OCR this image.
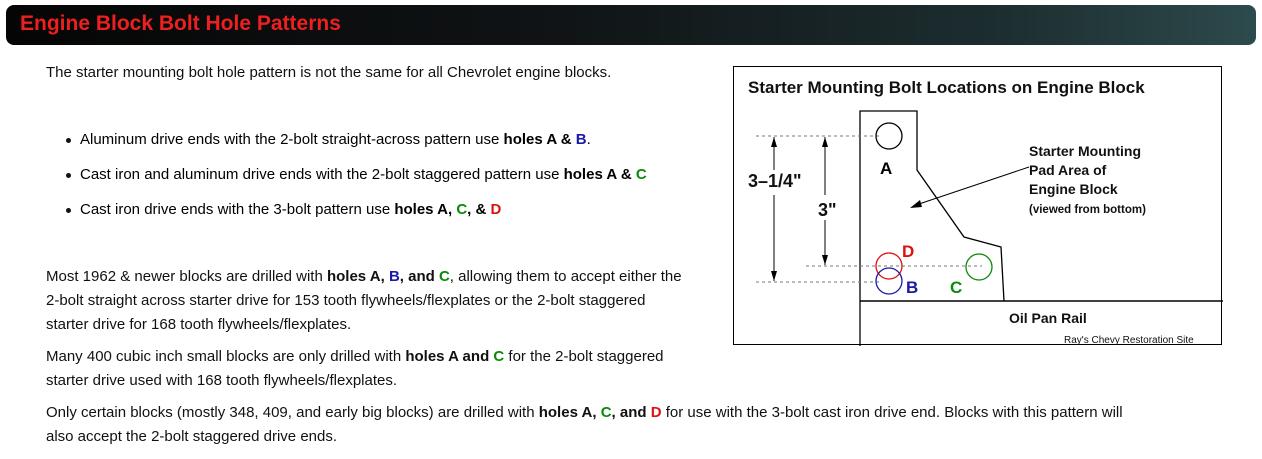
Engine Block Bolt Hole Patterns
The starter mounting bolt hole pattern is not the same for all Chevrolet engine blocks.
Aluminum drive ends with the 2-bolt straight-across pattern use holes A & B.
Cast iron and aluminum drive ends with the 2-bolt staggered pattern use holes A & C
Cast iron drive ends with the 3-bolt pattern use holes A, C, & D
Most 1962 & newer blocks are drilled with holes A, B, and C, allowing them to accept either the
2-bolt straight across starter drive for 153 tooth flywheels/flexplates or the 2-bolt staggered
starter drive for 168 tooth flywheels/flexplates.
Many 400 cubic inch small blocks are only drilled with holes A and C for the 2-bolt staggered
starter drive used with 168 tooth flywheels/flexplates.
Only certain blocks (mostly 348, 409, and early big blocks) are drilled with holes A, C, and D for use with the 3-bolt cast iron drive end. Blocks with this pattern will
also accept the 2-bolt staggered drive ends.
Starter Mounting Bolt Locations on Engine Block
3–1/4"
3"
A
D
B C
Starter Mounting
Pad Area of
Engine Block
(viewed from bottom)
Oil Pan Rail
Ray's Chevy Restoration Site
